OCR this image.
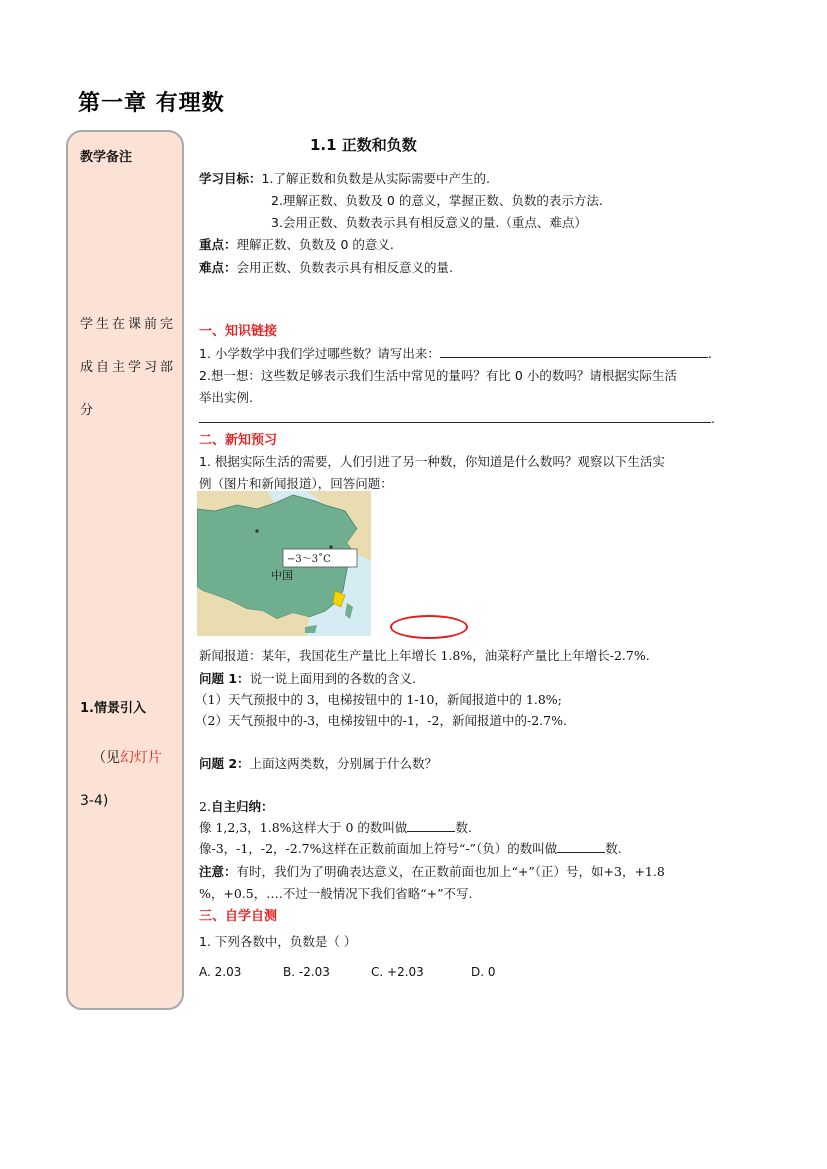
第一章 有理数
教学备注
学生在课前完成自主学习部分
1.情景引入
（见幻灯片
3-4)
1.1 正数和负数
学习目标：1.了解正数和负数是从实际需要中产生的.
2.理解正数、负数及 0 的意义，掌握正数、负数的表示方法.
3.会用正数、负数表示具有相反意义的量.（重点、难点）
重点：理解正数、负数及 0 的意义.
难点：会用正数、负数表示具有相反意义的量.
一、知识链接
1. 小学数学中我们学过哪些数？请写出来：	.
2.想一想：这些数足够表示我们生活中常见的量吗？有比 0 小的数吗？请根据实际生活
举出实例.
.
二、新知预习
1. 根据实际生活的需要，人们引进了另一种数，你知道是什么数吗？观察以下生活实
例（图片和新闻报道），回答问题：
−3～3˚C
中国
新闻报道：某年，我国花生产量比上年增长 1.8%，油菜籽产量比上年增长-2.7%.
问题 1：说一说上面用到的各数的含义.
（1）天气预报中的 3，电梯按钮中的 1-10，新闻报道中的 1.8%;
（2）天气预报中的-3，电梯按钮中的-1，-2，新闻报道中的-2.7%.
问题 2：上面这两类数，分别属于什么数？
2.自主归纳：
像 1,2,3，1.8%这样大于 0 的数叫做	数.
像-3，-1，-2，-2.7%这样在正数前面加上符号“-”（负）的数叫做	数.
注意：有时，我们为了明确表达意义，在正数前面也加上“+”（正）号，如+3，+1.8
%，+0.5，….不过一般情况下我们省略“+”不写.
三、自学自测
1. 下列各数中，负数是（ ）
A. 2.03	B. -2.03	C. +2.03	D. 0
